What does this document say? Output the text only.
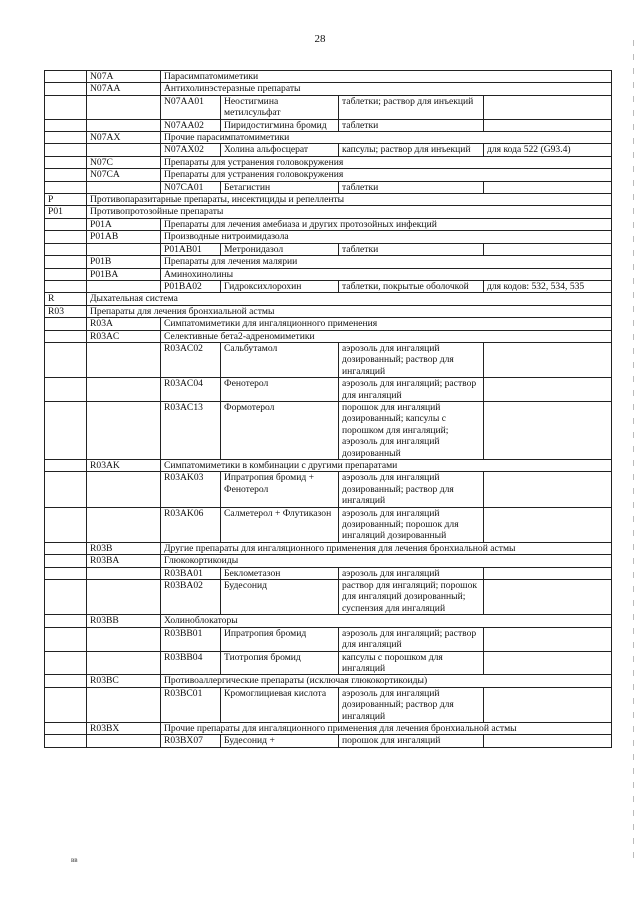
28
	N07A	Парасимпатомиметики			
	N07AA	Антихолинэстеразные препараты			
		N07AA01	Неостигмина метилсульфат	таблетки; раствор для инъекций	
		N07AA02	Пиридостигмина бромид	таблетки	
	N07AX	Прочие парасимпатомиметики			
		N07AX02	Холина альфосцерат	капсулы; раствор для инъекций	для кода 522 (G93.4)
	N07C	Препараты для устранения головокружения			
	N07CA	Препараты для устранения головокружения			
		N07CA01	Бетагистин	таблетки	
P	Противопаразитарные препараты, инсектициды и репелленты				
P01	Противопротозойные препараты				
	P01A	Препараты для лечения амебиаза и других протозойных инфекций			
	P01AB	Производные нитроимидазола			
		P01AB01	Метронидазол	таблетки	
	P01B	Препараты для лечения малярии			
	P01BA	Аминохинолины			
		P01BA02	Гидроксихлорохин	таблетки, покрытые оболочкой	для кодов: 532, 534, 535
R	Дыхательная система				
R03	Препараты для лечения бронхиальной астмы				
	R03A	Симпатомиметики для ингаляционного применения			
	R03AC	Селективные бета2-адреномиметики			
		R03AC02	Сальбутамол	аэрозоль для ингаляций дозированный; раствор для ингаляций	
		R03AC04	Фенотерол	аэрозоль для ингаляций; раствор для ингаляций	
		R03AC13	Формотерол	порошок для ингаляций дозированный; капсулы с порошком для ингаляций; аэрозоль для ингаляций дозированный	
	R03AK	Симпатомиметики в комбинации с другими препаратами			
		R03AK03	Ипратропия бромид + Фенотерол	аэрозоль для ингаляций дозированный; раствор для ингаляций	
		R03AK06	Салметерол + Флутиказон	аэрозоль для ингаляций дозированный; порошок для ингаляций дозированный	
	R03B	Другие препараты для ингаляционного применения для лечения бронхиальной астмы			
	R03BA	Глюкокортикоиды			
		R03BA01	Беклометазон	аэрозоль для ингаляций	
		R03BA02	Будесонид	раствор для ингаляций; порошок для ингаляций дозированный; суспензия для ингаляций	
	R03BB	Холиноблокаторы			
		R03BB01	Ипратропия бромид	аэрозоль для ингаляций; раствор для ингаляций	
		R03BB04	Тиотропия бромид	капсулы с порошком для ингаляций	
	R03BC	Противоаллергические препараты (исключая глюкокортикоиды)			
		R03BC01	Кромоглициевая кислота	аэрозоль для ингаляций дозированный; раствор для ингаляций	
	R03BX	Прочие препараты для ингаляционного применения для лечения бронхиальной астмы			
		R03BX07	Будесонид +	порошок для ингаляций	
вв
